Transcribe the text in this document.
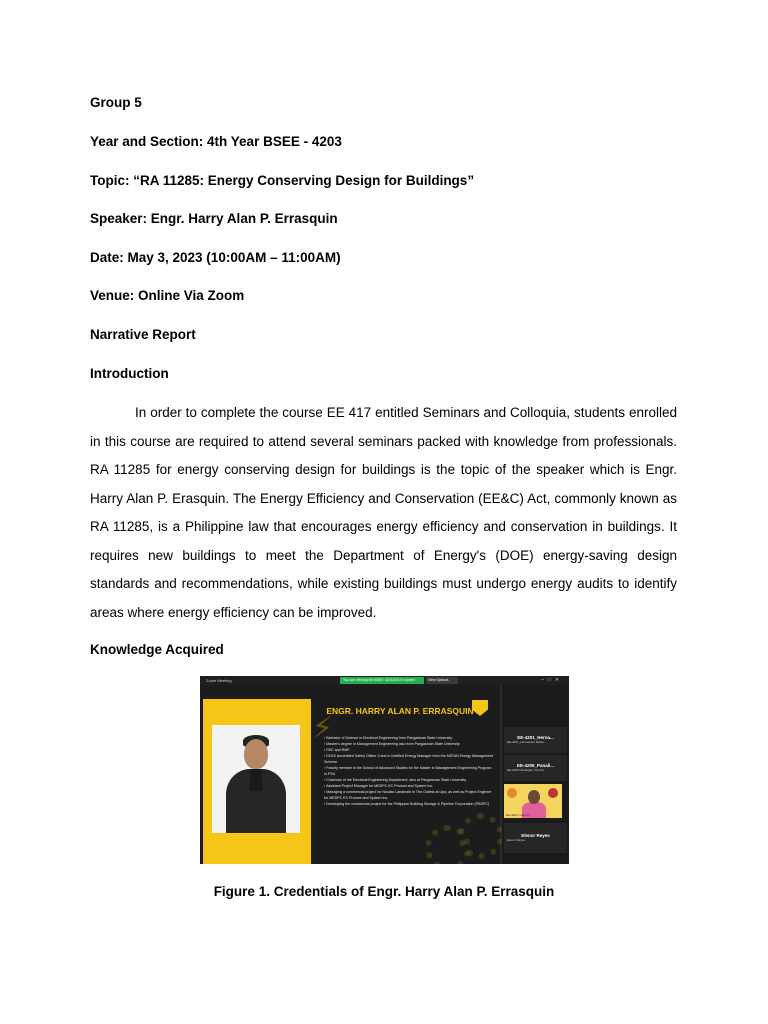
Group 5
Year and Section: 4th Year BSEE - 4203
Topic: “RA 11285: Energy Conserving Design for Buildings”
Speaker: Engr. Harry Alan P. Errasquin
Date: May 3, 2023 (10:00AM – 11:00AM)
Venue: Online Via Zoom
Narrative Report
Introduction
In order to complete the course EE 417 entitled Seminars and Colloquia, students enrolled in this course are required to attend several seminars packed with knowledge from professionals. RA 11285 for energy conserving design for buildings is the topic of the speaker which is Engr. Harry Alan P. Erasquin. The Energy Efficiency and Conservation (EE&C) Act, commonly known as RA 11285, is a Philippine law that encourages energy efficiency and conservation in buildings. It requires new buildings to meet the Department of Energy's (DOE) energy-saving design standards and recommendations, while existing buildings must undergo energy audits to identify areas where energy efficiency can be improved.
Knowledge Acquired
Zoom Meeting	You are viewing 4th BSEE 4203/4201's screen	View Options	–□✕
⚡
ENGR. HARRY ALAN P. ERRASQUIN
▪ Bachelor of Science in Electrical Engineering from Pangasinan State University
▪ Master's degree in Management Engineering also from Pangasinan State University
▪ REE and RME
▪ DOLE Accredited Safety Officer 3 and a Certified Energy Manager from the ASEAN Energy Management Scheme
▪ Faculty member in the School of Advanced Studies for the Master in Management Engineering Program in PSU
▪ Chairman of the Electrical Engineering Department, also at Pangasinan State University
▪ Assistant Project Manager for MEDPC EC Product and System Inc.
▪ Managing a commercial project for Nicolas Landmark in The Outlets at Lipa, as well as Project Engineer for MEDPC EC Product and System Inc.
▪ Developing the commercial project for the Philippine Building Storage & Pipeline Corporation (PBSPC)
EE-4201_Herna...
EE-4201_Hernandez Marko...
EE-4205_Panali...
EE-4205 Panaligan, Precho...
EE-4201 Lobin D...
Elenor Reyes
Elenor Reyes
Figure 1. Credentials of Engr. Harry Alan P. Errasquin
